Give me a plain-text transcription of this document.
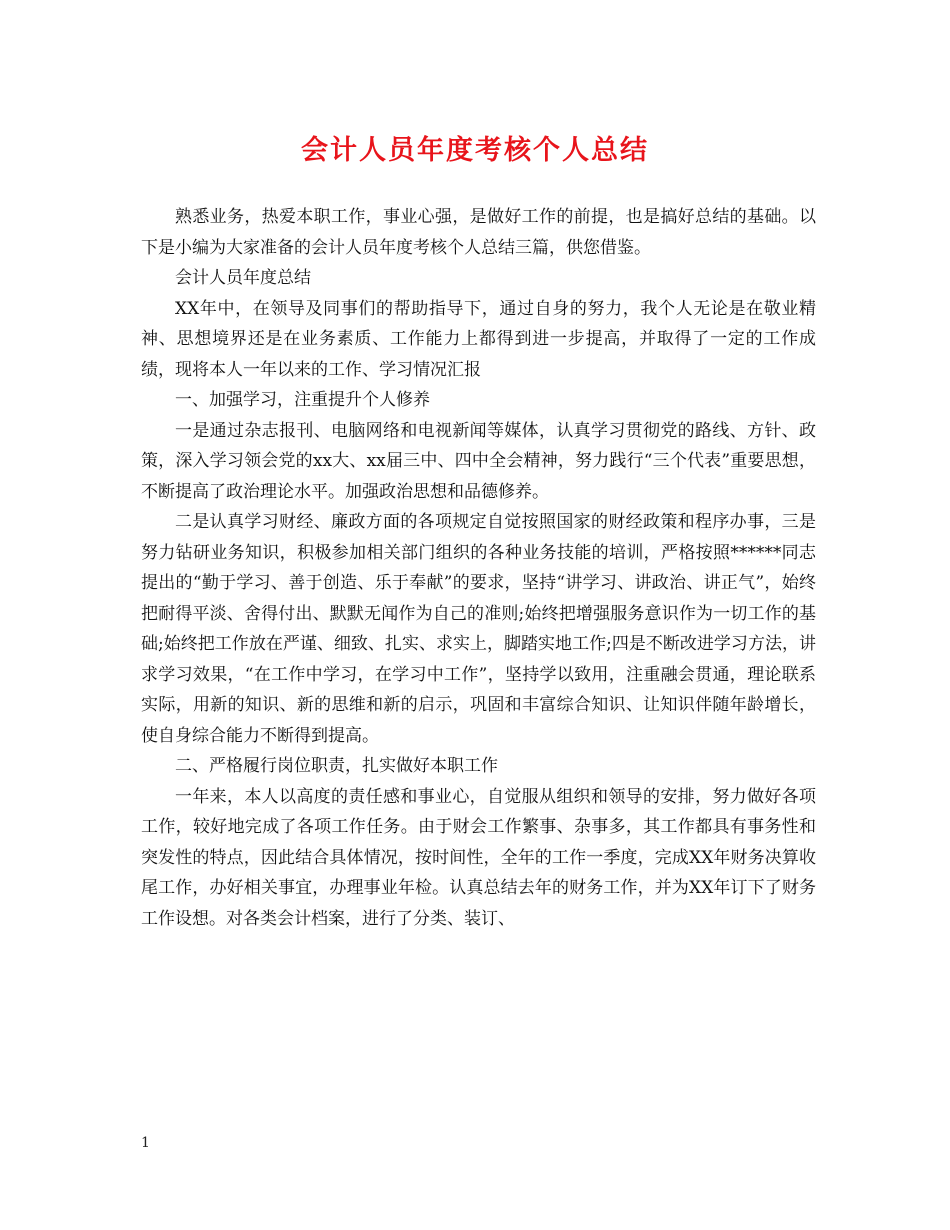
会计人员年度考核个人总结

熟悉业务，热爱本职工作，事业心强，是做好工作的前提，也是搞好总结的基础。以下是小编为大家准备的会计人员年度考核个人总结三篇，供您借鉴。

会计人员年度总结

XX年中，在领导及同事们的帮助指导下，通过自身的努力，我个人无论是在敬业精神、思想境界还是在业务素质、工作能力上都得到进一步提高，并取得了一定的工作成绩，现将本人一年以来的工作、学习情况汇报

一、加强学习，注重提升个人修养

一是通过杂志报刊、电脑网络和电视新闻等媒体，认真学习贯彻党的路线、方针、政策，深入学习领会党的xx大、xx届三中、四中全会精神，努力践行“三个代表”重要思想，不断提高了政治理论水平。加强政治思想和品德修养。

二是认真学习财经、廉政方面的各项规定自觉按照国家的财经政策和程序办事，三是努力钻研业务知识，积极参加相关部门组织的各种业务技能的培训，严格按照******同志提出的“勤于学习、善于创造、乐于奉献”的要求，坚持“讲学习、讲政治、讲正气”，始终把耐得平淡、舍得付出、默默无闻作为自己的准则;始终把增强服务意识作为一切工作的基础;始终把工作放在严谨、细致、扎实、求实上，脚踏实地工作;四是不断改进学习方法，讲求学习效果，“在工作中学习，在学习中工作”，坚持学以致用，注重融会贯通，理论联系实际，用新的知识、新的思维和新的启示，巩固和丰富综合知识、让知识伴随年龄增长，使自身综合能力不断得到提高。

二、严格履行岗位职责，扎实做好本职工作

一年来，本人以高度的责任感和事业心，自觉服从组织和领导的安排，努力做好各项工作，较好地完成了各项工作任务。由于财会工作繁事、杂事多，其工作都具有事务性和突发性的特点，因此结合具体情况，按时间性，全年的工作一季度，完成XX年财务决算收尾工作，办好相关事宜，办理事业年检。认真总结去年的财务工作，并为XX年订下了财务工作设想。对各类会计档案，进行了分类、装订、

1
